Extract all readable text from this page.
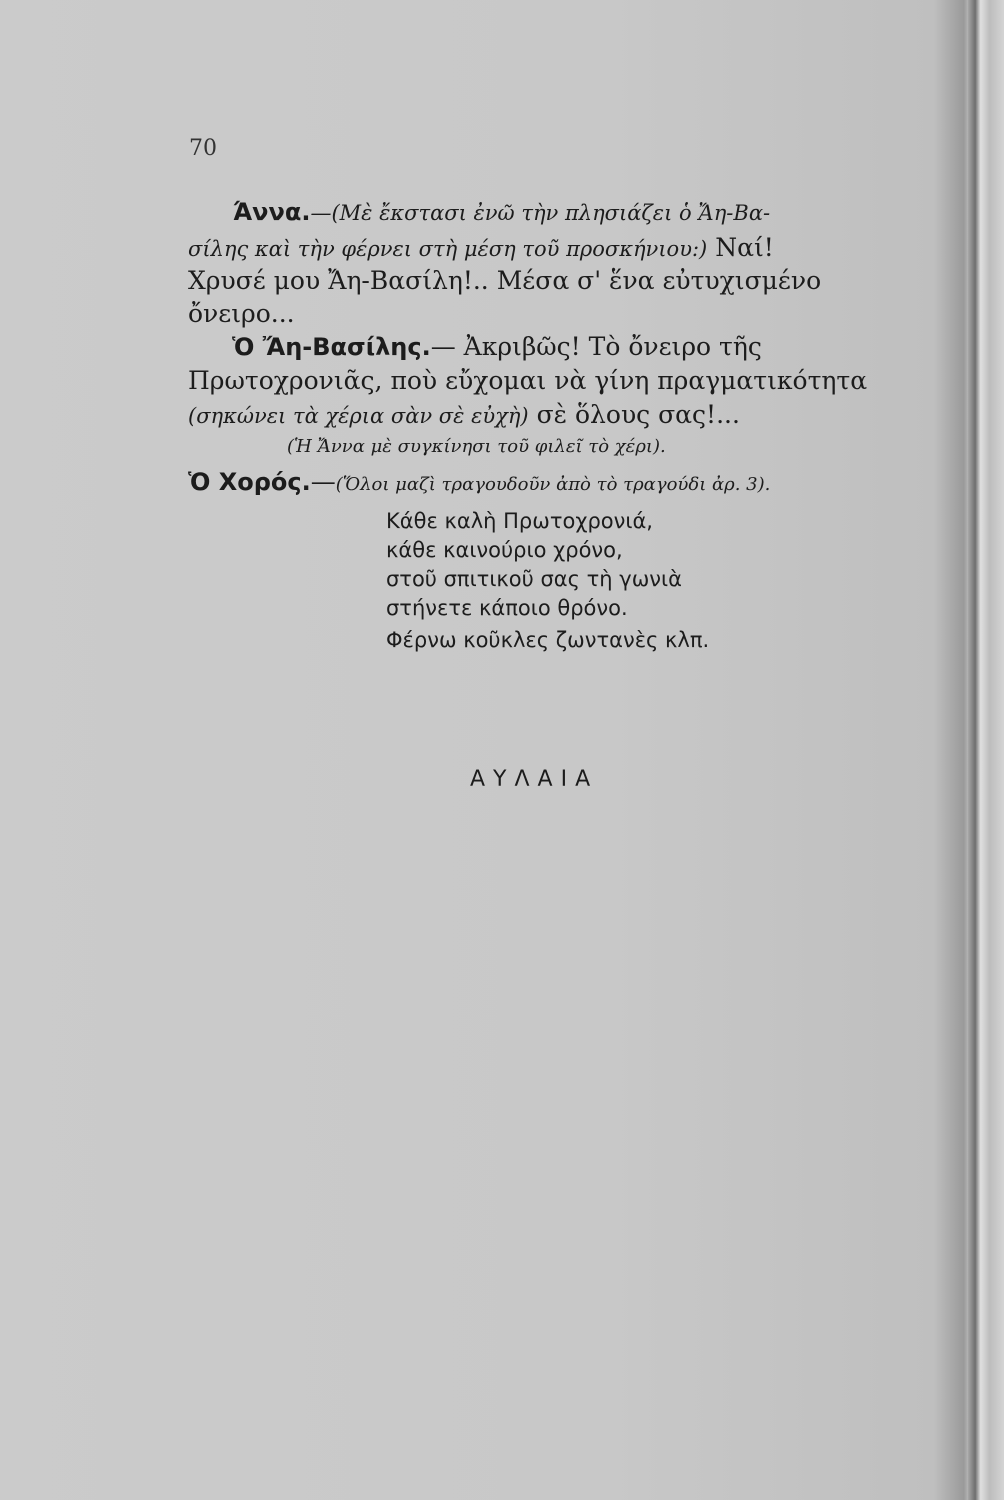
70
Άννα.—(Μὲ ἔκστασι ἐνῶ τὴν πλησιάζει ὁ Ἄη-Βα-
σίλης καὶ τὴν φέρνει στὴ μέση τοῦ προσκήνιου:) Ναί!
Χρυσέ μου Ἄη-Βασίλη!.. Μέσα σ' ἕνα εὐτυχισμένο
ὄνειρο...
Ὁ Ἄη-Βασίλης.— Ἀκριβῶς! Τὸ ὄνειρο τῆς
Πρωτοχρονιᾶς, ποὺ εὔχομαι νὰ γίνη πραγματικότητα
(σηκώνει τὰ χέρια σὰν σὲ εὐχὴ) σὲ ὅλους σας!...
(Ἡ Ἄννα μὲ συγκίνησι τοῦ φιλεῖ τὸ χέρι).
Ὁ Χορός.—(Ὅλοι μαζὶ τραγουδοῦν ἀπὸ τὸ τραγούδι ἀρ. 3).
Κάθε καλὴ Πρωτοχρονιά,
κάθε καινούριο χρόνο,
στοῦ σπιτικοῦ σας τὴ γωνιὰ
στήνετε κάποιο θρόνο.
Φέρνω κοῦκλες ζωντανὲς κλπ.
ΑΥΛΑΙΑ
